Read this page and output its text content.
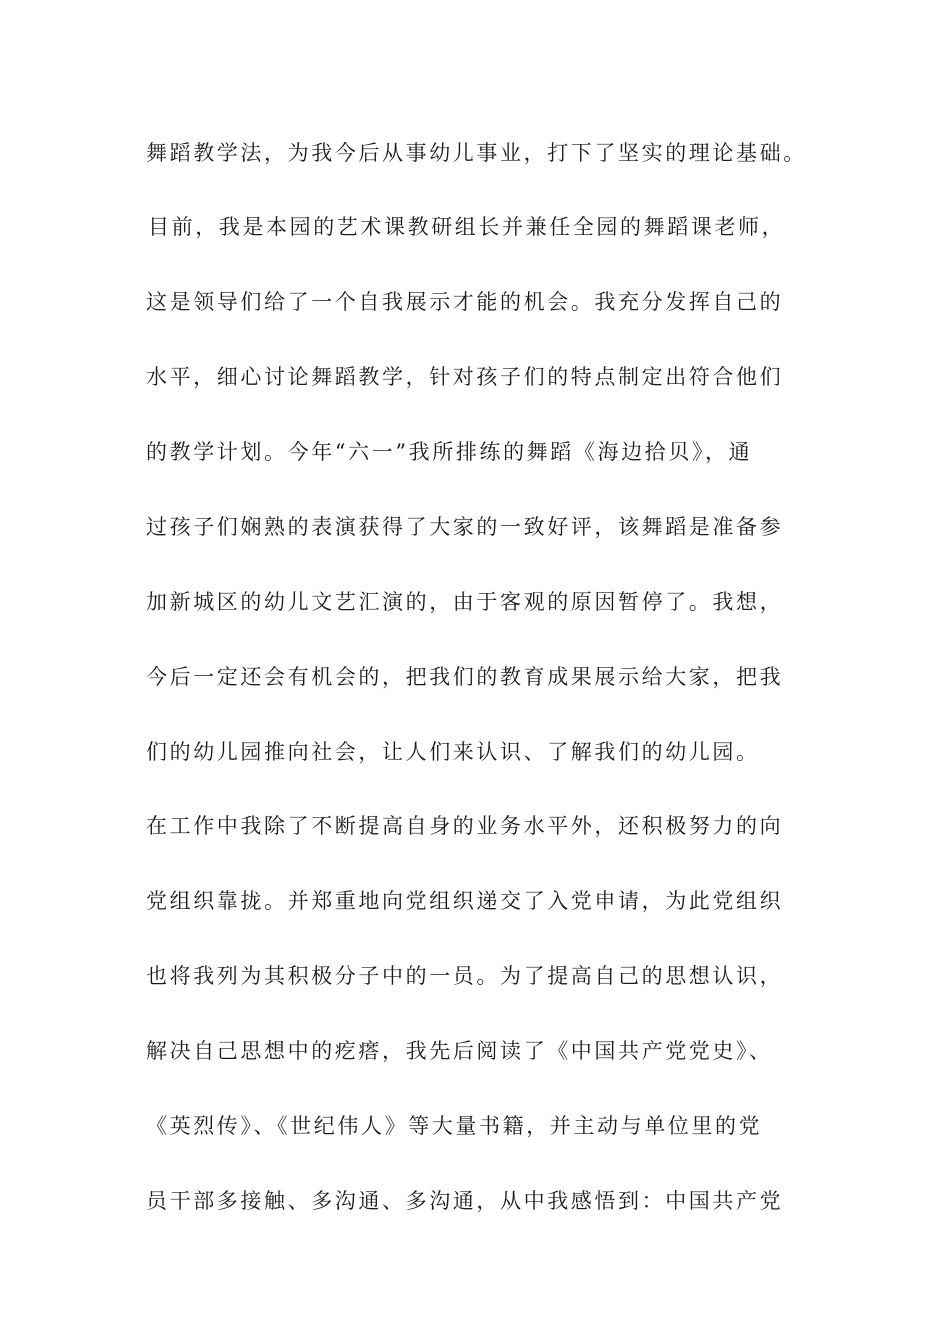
舞蹈教学法，为我今后从事幼儿事业，打下了坚实的理论基础。
目前，我是本园的艺术课教研组长并兼任全园的舞蹈课老师，
这是领导们给了一个自我展示才能的机会。我充分发挥自己的
水平，细心讨论舞蹈教学，针对孩子们的特点制定出符合他们
的教学计划。今年“六一”我所排练的舞蹈《海边拾贝》，通
过孩子们娴熟的表演获得了大家的一致好评，该舞蹈是准备参
加新城区的幼儿文艺汇演的，由于客观的原因暂停了。我想，
今后一定还会有机会的，把我们的教育成果展示给大家，把我
们的幼儿园推向社会，让人们来认识、了解我们的幼儿园。
在工作中我除了不断提高自身的业务水平外，还积极努力的向
党组织靠拢。并郑重地向党组织递交了入党申请，为此党组织
也将我列为其积极分子中的一员。为了提高自己的思想认识，
解决自己思想中的疙瘩，我先后阅读了《中国共产党党史》、
《英烈传》、《世纪伟人》等大量书籍，并主动与单位里的党
员干部多接触、多沟通、多沟通，从中我感悟到：中国共产党
